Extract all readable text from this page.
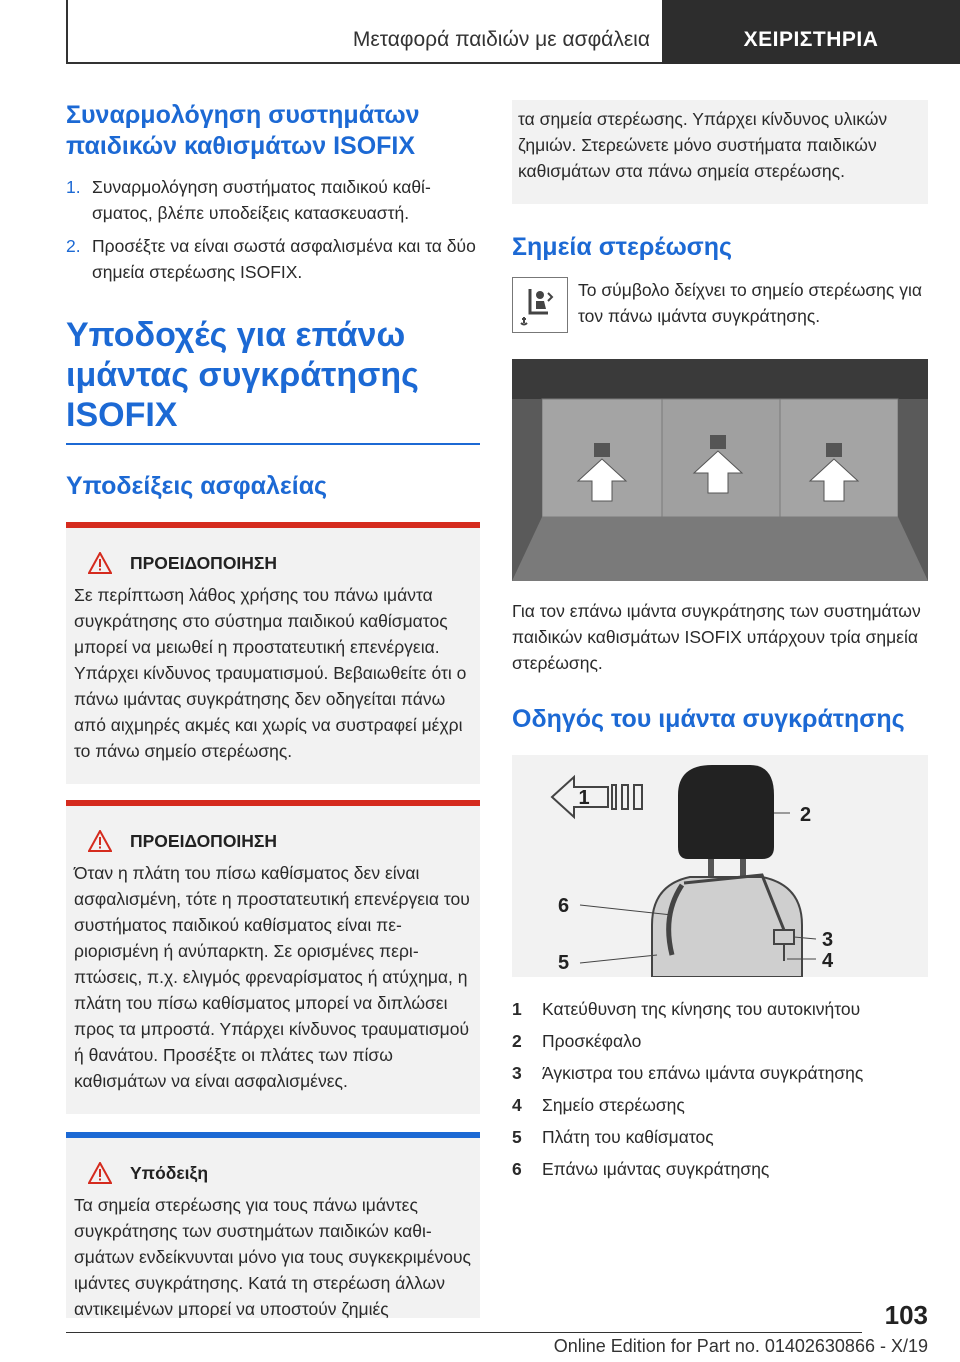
Μεταφορά παιδιών με ασφάλεια	ΧΕΙΡΙΣΤΗΡΙΑ
Συναρμολόγηση συστημάτων παιδικών καθισμάτων ISOFIX
1. Συναρμολόγηση συστήματος παιδικού καθίσματος, βλέπε υποδείξεις κατασκευαστή.
2. Προσέξτε να είναι σωστά ασφαλισμένα και τα δύο σημεία στερέωσης ISOFIX.
Υποδοχές για επάνω ιμάντας συγκράτησης ISOFIX
Υποδείξεις ασφαλείας
ΠΡΟΕΙΔΟΠΟΙΗΣΗ
Σε περίπτωση λάθος χρήσης του πάνω ιμάντα συγκράτησης στο σύστημα παιδικού καθίσματος μπορεί να μειωθεί η προστατευτική επενέργεια. Υπάρχει κίνδυνος τραυματισμού. Βεβαιωθείτε ότι ο πάνω ιμάντας συγκράτησης δεν οδηγείται πάνω από αιχμηρές ακμές και χωρίς να συστραφεί μέχρι το πάνω σημείο στερέωσης.
ΠΡΟΕΙΔΟΠΟΙΗΣΗ
Όταν η πλάτη του πίσω καθίσματος δεν είναι ασφαλισμένη, τότε η προστατευτική επενέργεια του συστήματος παιδικού καθίσματος είναι περιορισμένη ή ανύπαρκτη. Σε ορισμένες περιπτώσεις, π.χ. ελιγμός φρεναρίσματος ή ατύχημα, η πλάτη του πίσω καθίσματος μπορεί να διπλώσει προς τα μπροστά. Υπάρχει κίνδυνος τραυματισμού ή θανάτου. Προσέξτε οι πλάτες των πίσω καθισμάτων να είναι ασφαλισμένες.
Υπόδειξη
Τα σημεία στερέωσης για τους πάνω ιμάντες συγκράτησης των συστημάτων παιδικών καθισμάτων ενδείκνυνται μόνο για τους συγκεκριμένους ιμάντες συγκράτησης. Κατά τη στερέωση άλλων αντικειμένων μπορεί να υποστούν ζημιές
τα σημεία στερέωσης. Υπάρχει κίνδυνος υλικών ζημιών. Στερεώνετε μόνο συστήματα παιδικών καθισμάτων στα πάνω σημεία στερέωσης.
Σημεία στερέωσης
Το σύμβολο δείχνει το σημείο στερέωσης για τον πάνω ιμάντα συγκράτησης.
Για τον επάνω ιμάντα συγκράτησης των συστημάτων παιδικών καθισμάτων ISOFIX υπάρχουν τρία σημεία στερέωσης.
Οδηγός του ιμάντα συγκράτησης
1
2
3
4
5
6
1	Κατεύθυνση της κίνησης του αυτοκινήτου
2	Προσκέφαλο
3	Άγκιστρα του επάνω ιμάντα συγκράτησης
4	Σημείο στερέωσης
5	Πλάτη του καθίσματος
6	Επάνω ιμάντας συγκράτησης
103
Online Edition for Part no. 01402630866 - X/19
